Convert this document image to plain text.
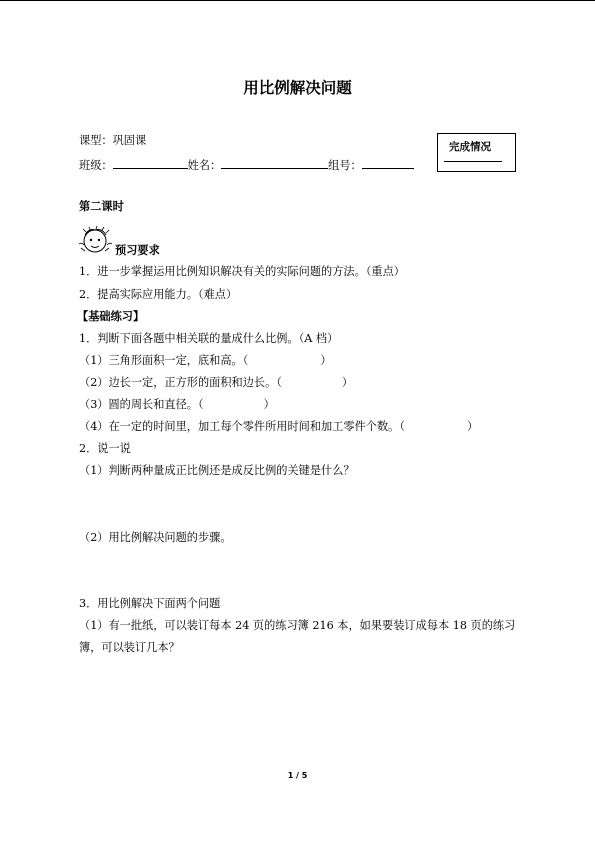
用比例解决问题
课型：巩固课
班级：	姓名：	组号：
完成情况
第二课时
预习要求
1．进一步掌握运用比例知识解决有关的实际问题的方法。（重点）
2．提高实际应用能力。（难点）
【基础练习】
1．判断下面各题中相关联的量成什么比例。（A 档）
（1）三角形面积一定，底和高。（	）
（2）边长一定，正方形的面积和边长。（	）
（3）圆的周长和直径。（	）
（4）在一定的时间里，加工每个零件所用时间和加工零件个数。（	）
2．说一说
（1）判断两种量成正比例还是成反比例的关键是什么？
（2）用比例解决问题的步骤。
3．用比例解决下面两个问题
（1）有一批纸，可以装订每本 24 页的练习簿 216 本，如果要装订成每本 18 页的练习
簿，可以装订几本？
1 / 5
